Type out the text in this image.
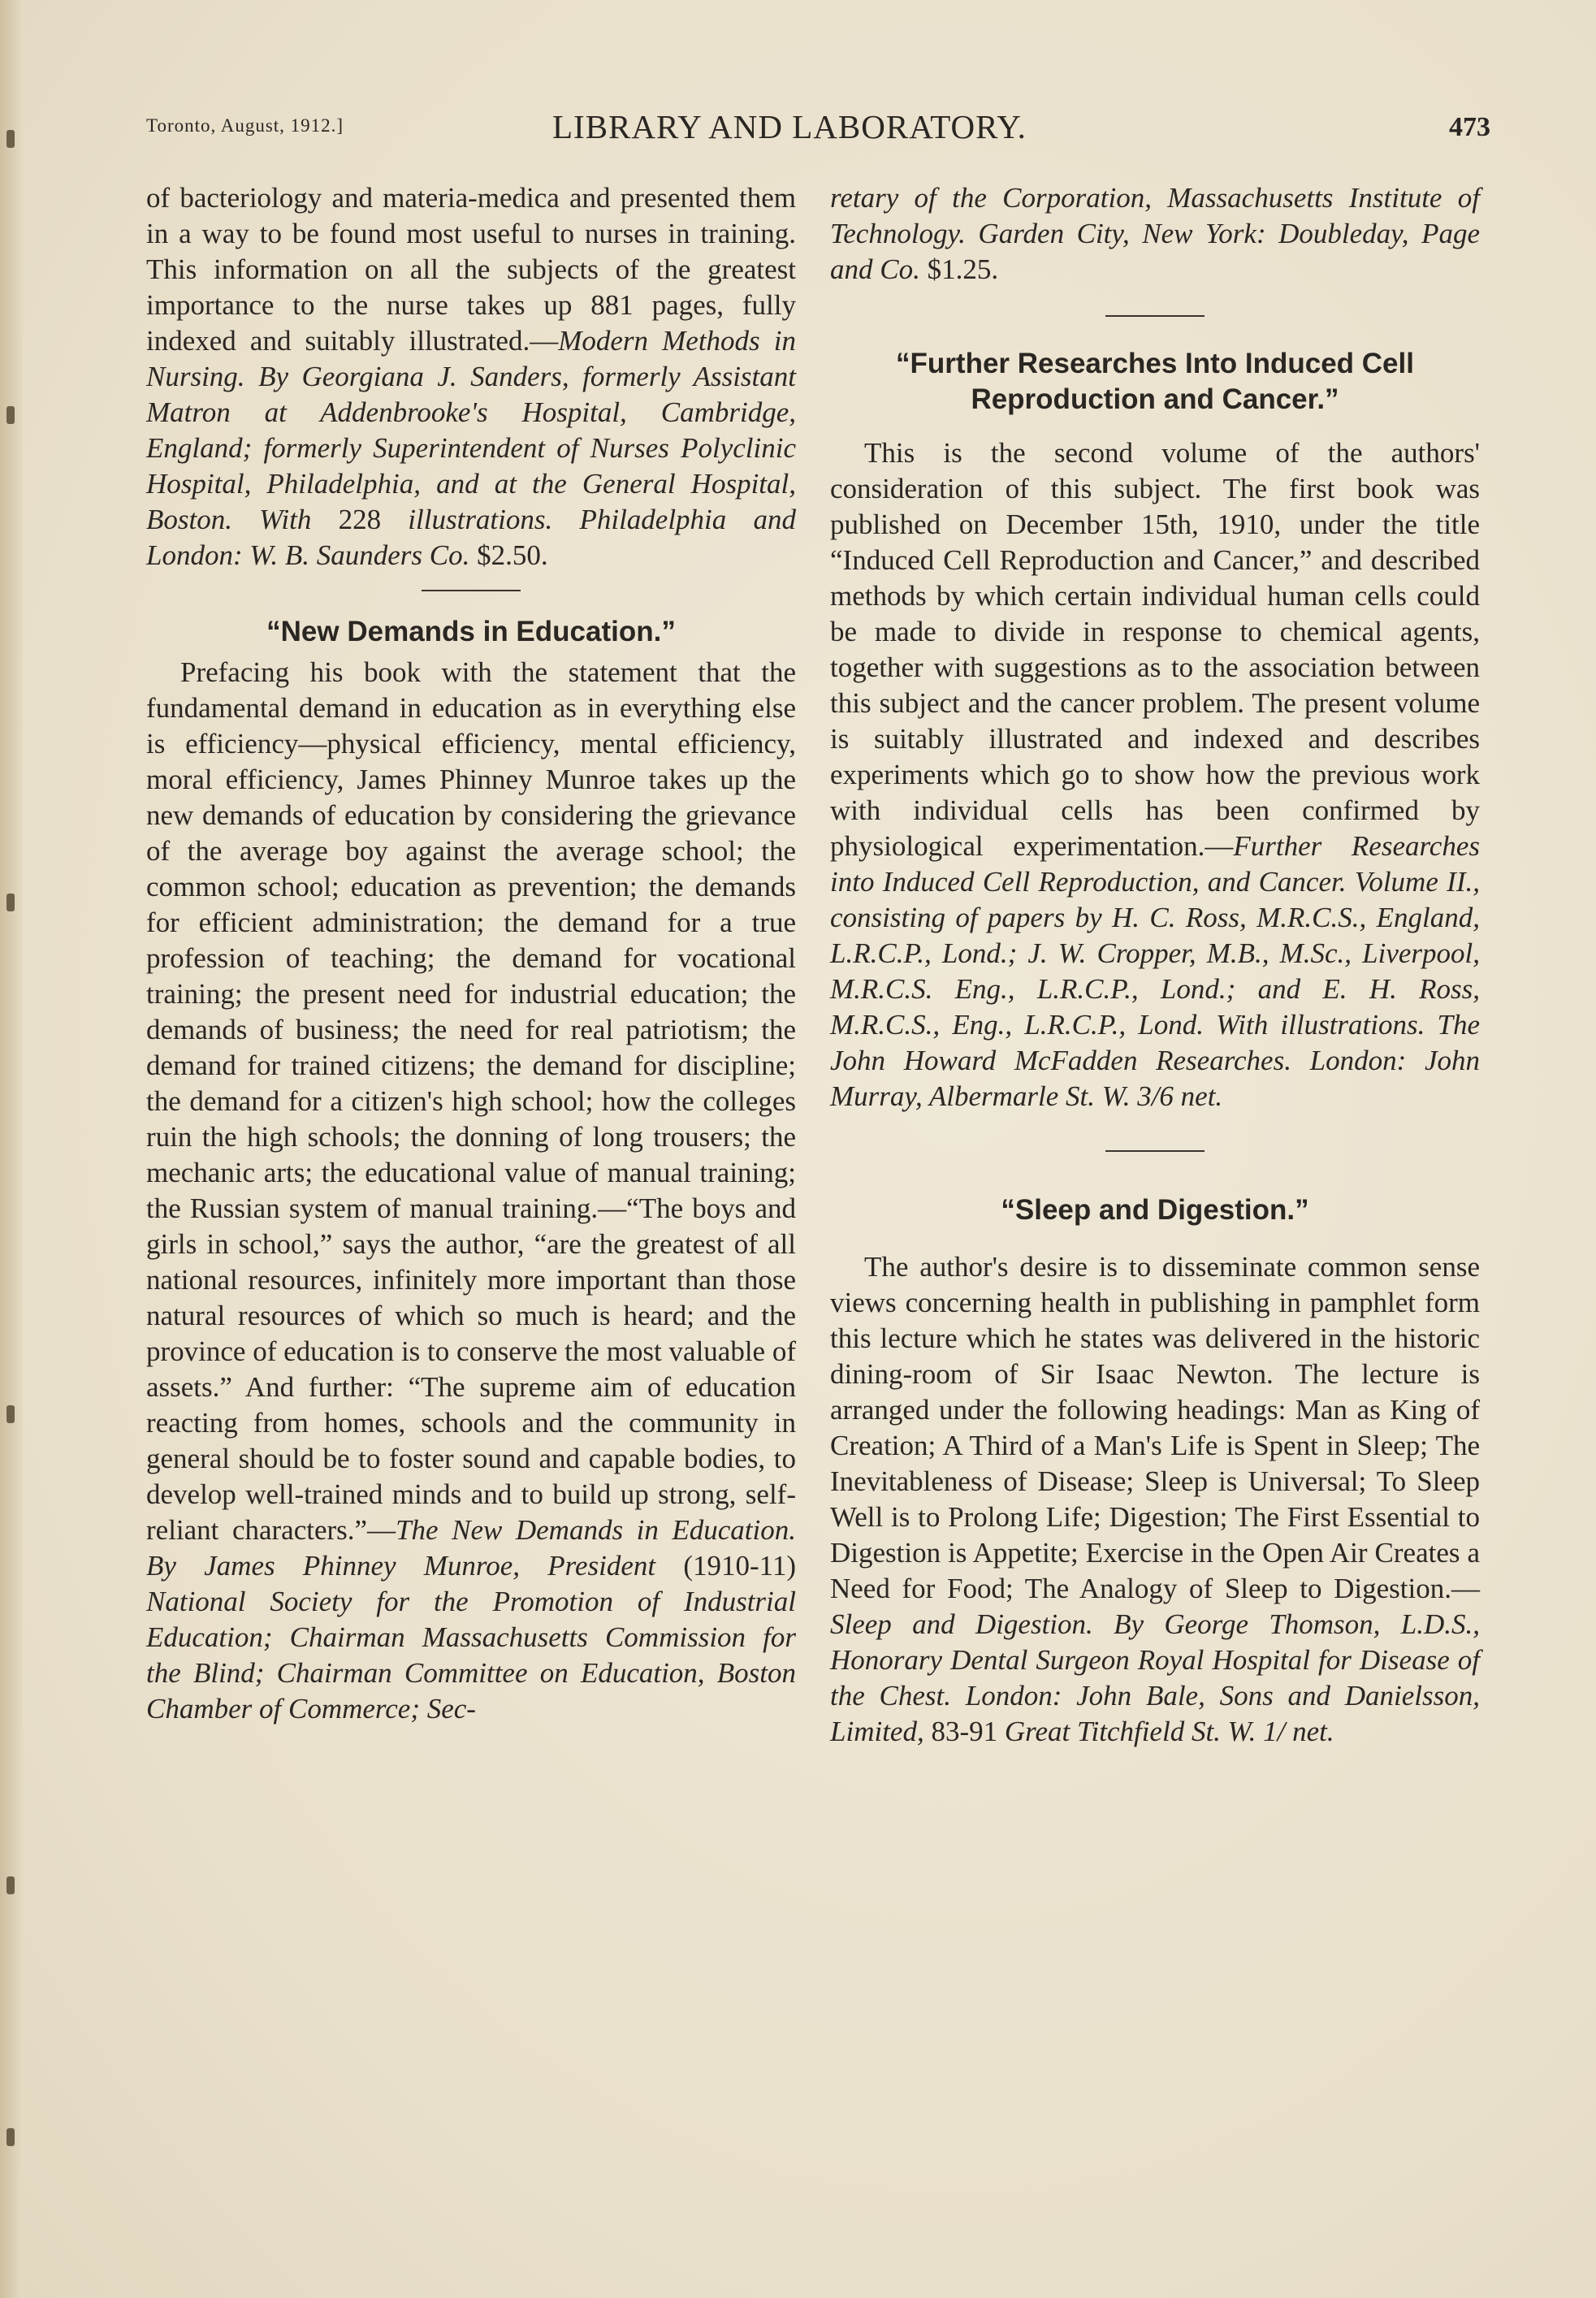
Toronto, August, 1912.]	LIBRARY AND LABORATORY.	473

of bacteriology and materia-medica and presented them in a way to be found most useful to nurses in training. This information on all the subjects of the greatest importance to the nurse takes up 881 pages, fully indexed and suitably illustrated.—Modern Methods in Nursing. By Georgiana J. Sanders, formerly Assistant Matron at Addenbrooke's Hospital, Cambridge, England; formerly Superintendent of Nurses Polyclinic Hospital, Philadelphia, and at the General Hospital, Boston. With 228 illustrations. Philadelphia and London: W. B. Saunders Co. $2.50.

“New Demands in Education.”

Prefacing his book with the statement that the fundamental demand in education as in everything else is efficiency—physical efficiency, mental efficiency, moral efficiency, James Phinney Munroe takes up the new demands of education by considering the grievance of the average boy against the average school; the common school; education as prevention; the demands for efficient administration; the demand for a true profession of teaching; the demand for vocational training; the present need for industrial education; the demands of business; the need for real patriotism; the demand for trained citizens; the demand for discipline; the demand for a citizen's high school; how the colleges ruin the high schools; the donning of long trousers; the mechanic arts; the educational value of manual training; the Russian system of manual training.—“The boys and girls in school,” says the author, “are the greatest of all national resources, infinitely more important than those natural resources of which so much is heard; and the province of education is to conserve the most valuable of assets.” And further: “The supreme aim of education reacting from homes, schools and the community in general should be to foster sound and capable bodies, to develop well-trained minds and to build up strong, self-reliant characters.”—The New Demands in Education. By James Phinney Munroe, President (1910-11) National Society for the Promotion of Industrial Education; Chairman Massachusetts Commission for the Blind; Chairman Committee on Education, Boston Chamber of Commerce; Sec-

retary of the Corporation, Massachusetts Institute of Technology. Garden City, New York: Doubleday, Page and Co. $1.25.

“Further Researches Into Induced Cell
Reproduction and Cancer.”

This is the second volume of the authors' consideration of this subject. The first book was published on December 15th, 1910, under the title “Induced Cell Reproduction and Cancer,” and described methods by which certain individual human cells could be made to divide in response to chemical agents, together with suggestions as to the association between this subject and the cancer problem. The present volume is suitably illustrated and indexed and describes experiments which go to show how the previous work with individual cells has been confirmed by physiological experimentation.—Further Researches into Induced Cell Reproduction, and Cancer. Volume II., consisting of papers by H. C. Ross, M.R.C.S., England, L.R.C.P., Lond.; J. W. Cropper, M.B., M.Sc., Liverpool, M.R.C.S. Eng., L.R.C.P., Lond.; and E. H. Ross, M.R.C.S., Eng., L.R.C.P., Lond. With illustrations. The John Howard McFadden Researches. London: John Murray, Albermarle St. W. 3/6 net.

“Sleep and Digestion.”

The author's desire is to disseminate common sense views concerning health in publishing in pamphlet form this lecture which he states was delivered in the historic dining-room of Sir Isaac Newton. The lecture is arranged under the following headings: Man as King of Creation; A Third of a Man's Life is Spent in Sleep; The Inevitableness of Disease; Sleep is Universal; To Sleep Well is to Prolong Life; Digestion; The First Essential to Digestion is Appetite; Exercise in the Open Air Creates a Need for Food; The Analogy of Sleep to Digestion.—Sleep and Digestion. By George Thomson, L.D.S., Honorary Dental Surgeon Royal Hospital for Disease of the Chest. London: John Bale, Sons and Danielsson, Limited, 83-91 Great Titchfield St. W. 1/ net.
